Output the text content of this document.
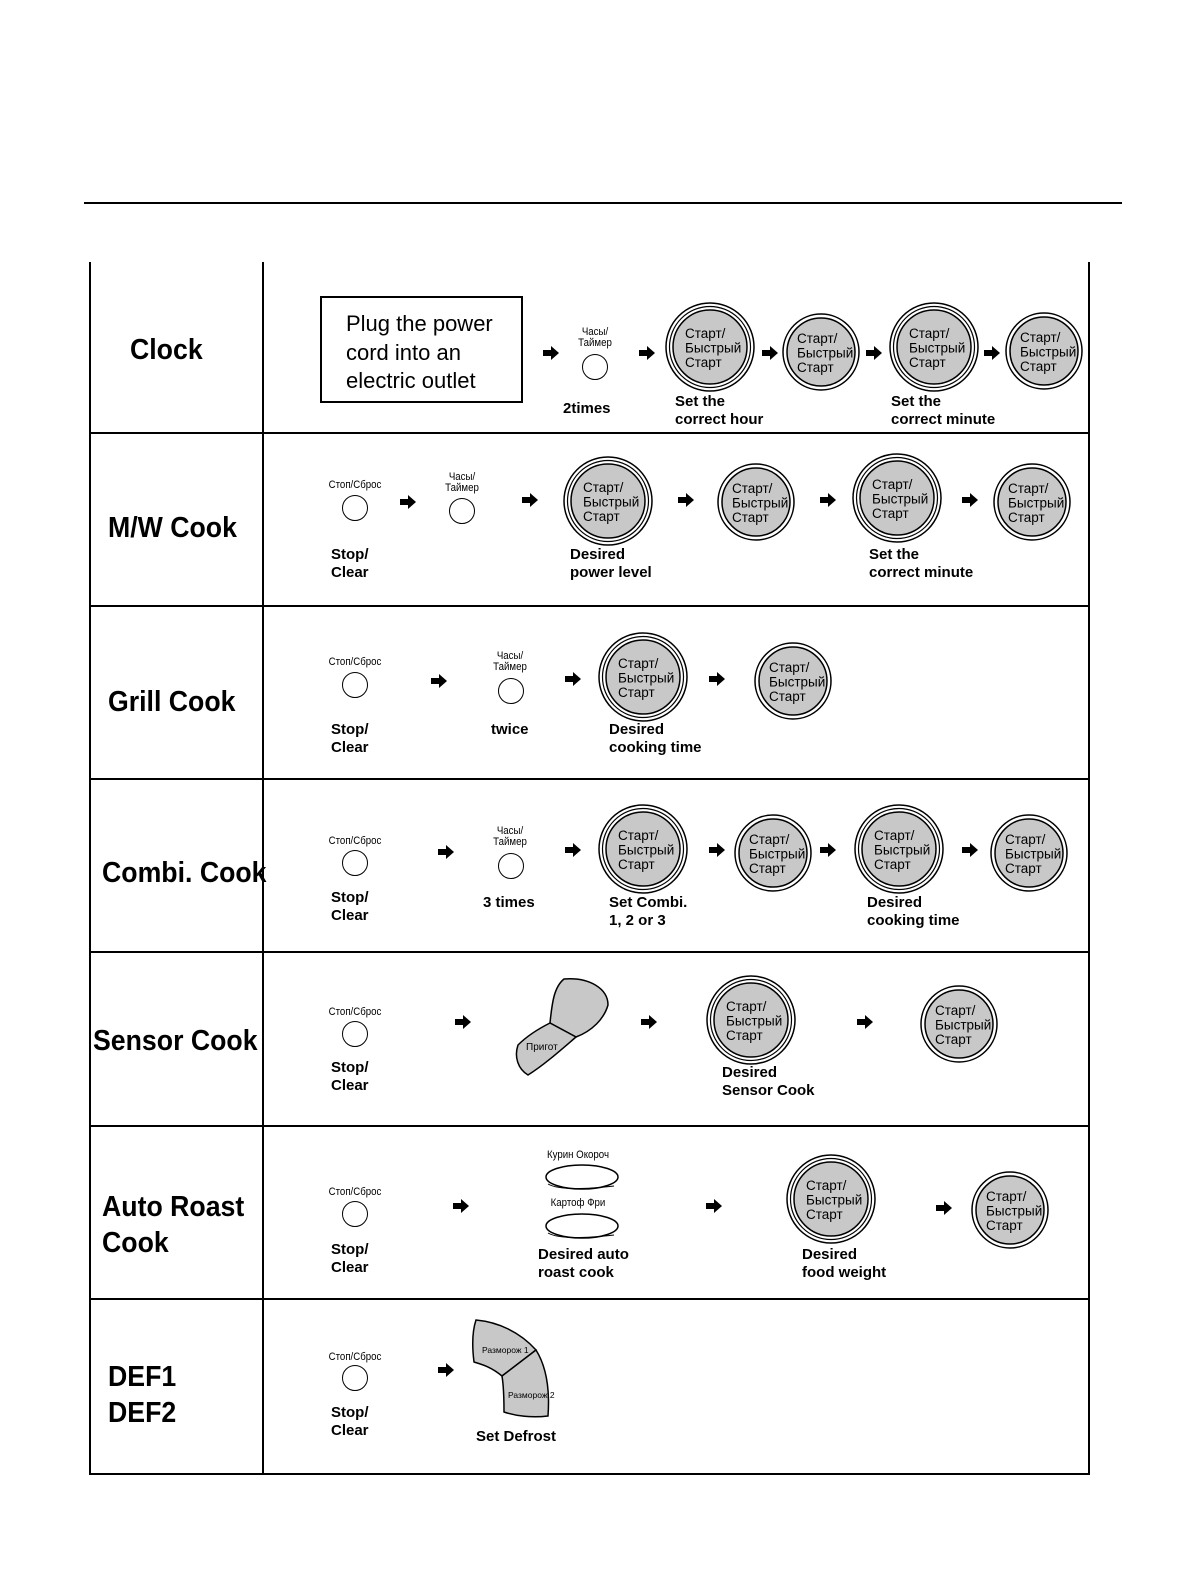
Clock
M/W Cook
Grill Cook
Combi. Cook
Sensor Cook
Auto Roast
Cook
DEF1
DEF2
Plug the power
cord into an
electric outlet
Часы/
Таймер
2times
Старт/
Быстрый
Старт
Set the
correct hour
Старт/
Быстрый
Старт
Старт/
Быстрый
Старт
Set the
correct minute
Старт/
Быстрый
Старт
Стоп/Сброс
Stop/
Clear
Часы/
Таймер	Старт/
Быстрый
Старт
Desired
power level
Старт/
Быстрый
Старт
Старт/
Быстрый
Старт
Set the
correct minute
Старт/
Быстрый
Старт
Стоп/Сброс
Stop/
Clear
Часы/
Таймер
twice
Старт/
Быстрый
Старт
Desired
cooking time
Старт/
Быстрый
Старт
Стоп/Сброс
Stop/
Clear
Часы/
Таймер
3 times
Старт/
Быстрый
Старт
Set Combi.
1, 2 or 3
Старт/
Быстрый
Старт
Старт/
Быстрый
Старт
Desired
cooking time
Старт/
Быстрый
Старт
Стоп/Сброс
Stop/
Clear
Пригот
Старт/
Быстрый
Старт
Desired
Sensor Cook
Старт/
Быстрый
Старт
Стоп/Сброс
Stop/
Clear
Курин Окороч
Картоф Фри
Desired auto
roast cook
Старт/
Быстрый
Старт
Desired
food weight
Старт/
Быстрый
Старт
Стоп/Сброс
Stop/
Clear
Разморож 1
Разморож 2
Set Defrost
